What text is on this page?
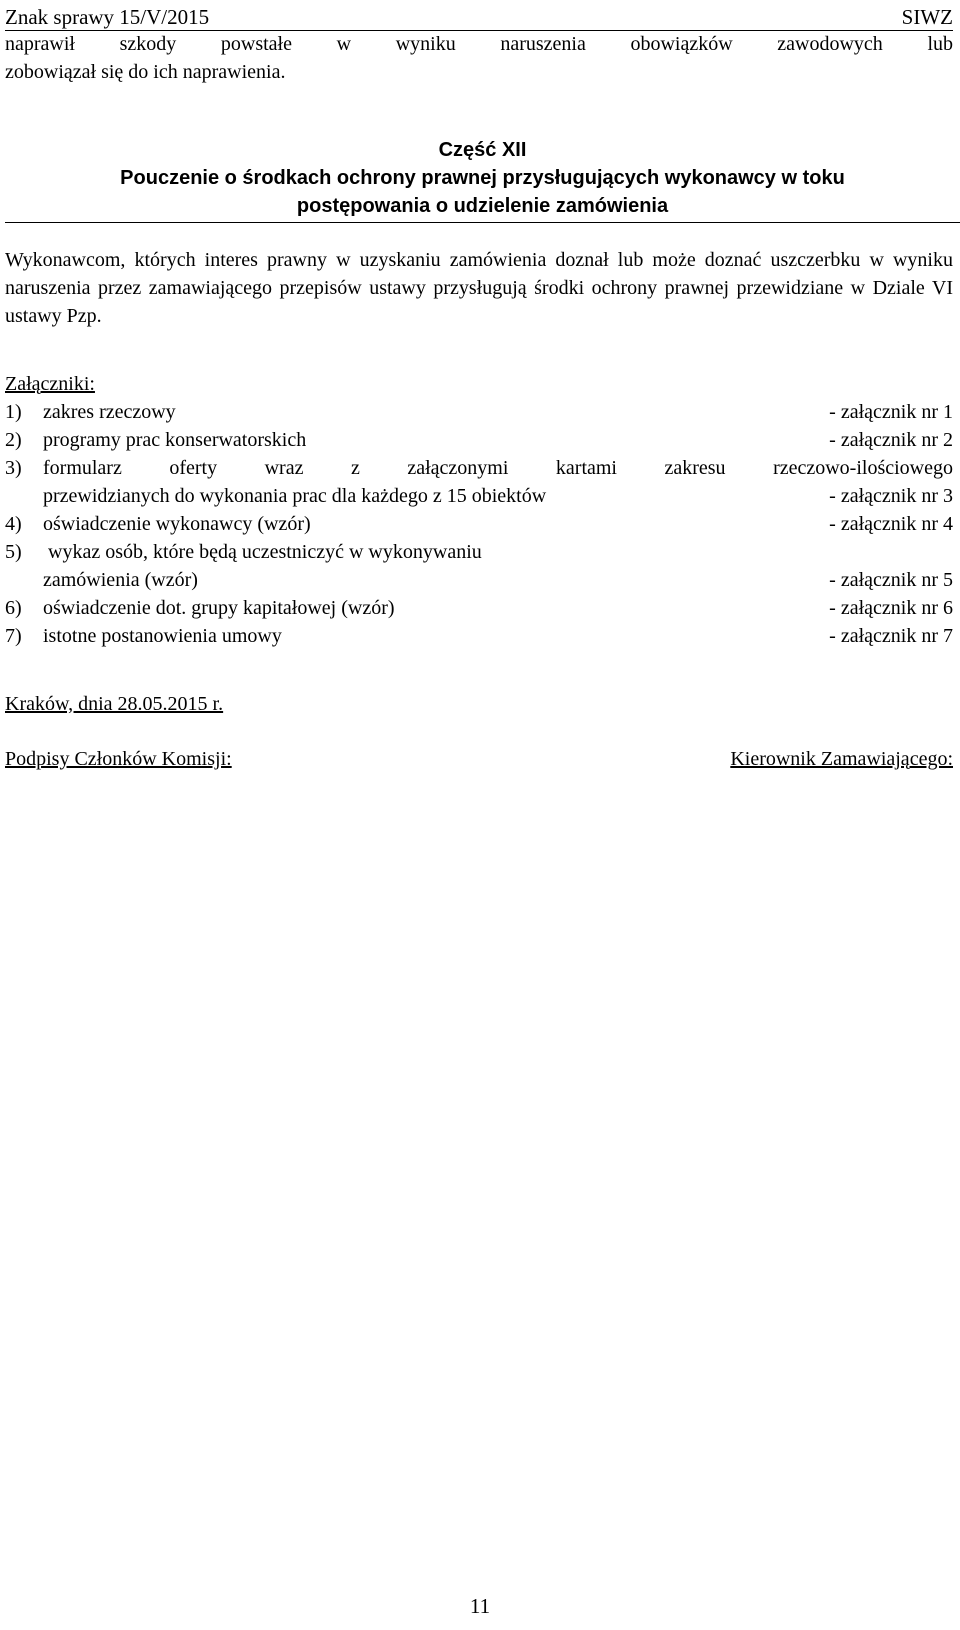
Znak sprawy 15/V/2015	SIWZ
naprawił szkody powstałe w wyniku naruszenia obowiązków zawodowych lub
zobowiązał się do ich naprawienia.
Część XII
Pouczenie o środkach ochrony prawnej przysługujących wykonawcy w toku
postępowania o udzielenie zamówienia

Wykonawcom, których interes prawny w uzyskaniu zamówienia doznał lub może doznać uszczerbku w wyniku naruszenia przez zamawiającego przepisów ustawy przysługują środki ochrony prawnej przewidziane w Dziale VI ustawy Pzp.

Załączniki:
1)	zakres rzeczowy	- załącznik nr 1
2)	programy prac konserwatorskich	- załącznik nr 2
3)	formularz oferty wraz z załączonymi kartami zakresu rzeczowo-ilościowego
przewidzianych do wykonania prac dla każdego z 15 obiektów	- załącznik nr 3
4)	oświadczenie wykonawcy (wzór)	- załącznik nr 4
5)	wykaz osób, które będą uczestniczyć w wykonywaniu
zamówienia (wzór)	- załącznik nr 5
6)	oświadczenie dot. grupy kapitałowej (wzór)	- załącznik nr 6
7)	istotne postanowienia umowy	- załącznik nr 7
Kraków, dnia 28.05.2015 r.
Podpisy Członków Komisji:	Kierownik Zamawiającego:
11
